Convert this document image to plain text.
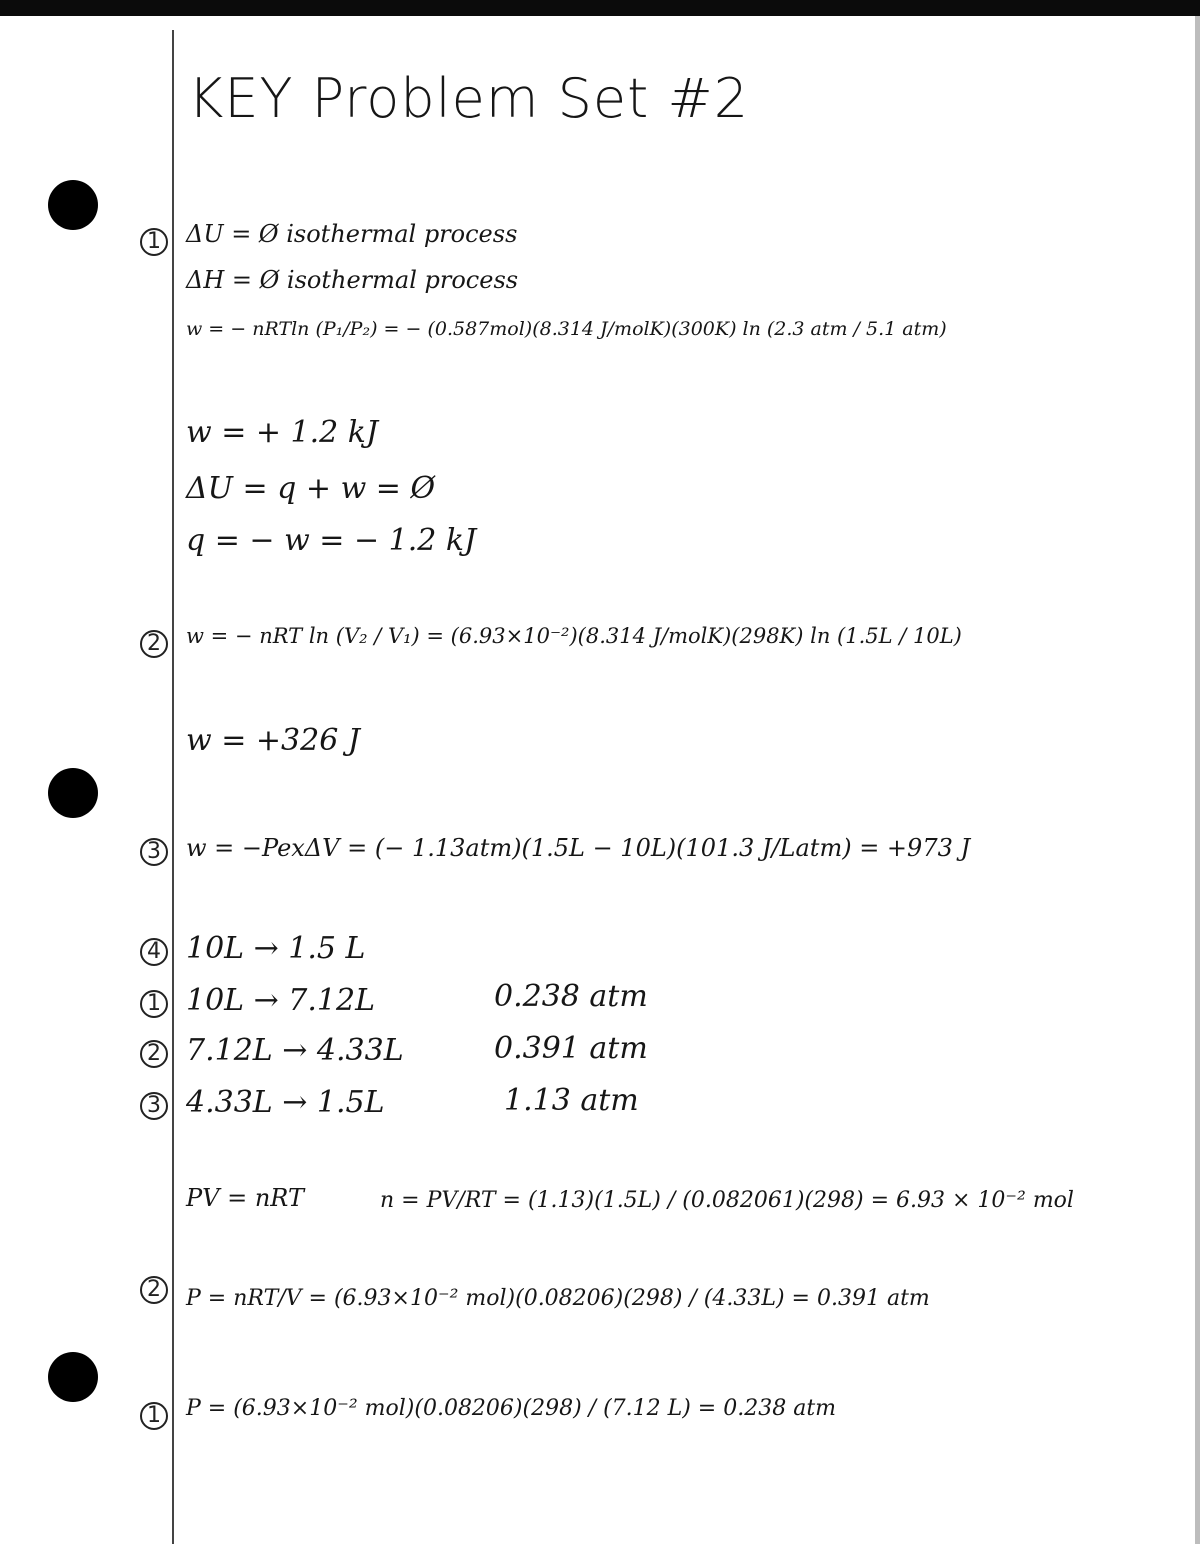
KEY Problem Set #2
1 ΔU = Ø isothermal process
ΔH = Ø isothermal process
w = − nRTln (P₁/P₂) = − (0.587mol)(8.314 J/molK)(300K) ln (2.3 atm / 5.1 atm)
w = + 1.2 kJ
ΔU = q + w = Ø
q = − w = − 1.2 kJ
2	w = − nRT ln (V₂ / V₁) = (6.93×10⁻²)(8.314 J/molK)(298K) ln (1.5L / 10L)
w = +326 J
3 w = −PexΔV = (− 1.13atm)(1.5L − 10L)(101.3 J/Latm) = +973 J
4 10L → 1.5 L
1 10L → 7.12L	0.238 atm
2 7.12L → 4.33L	0.391 atm
3 4.33L → 1.5L	1.13 atm
PV = nRT	n = PV/RT = (1.13)(1.5L) / (0.082061)(298) = 6.93 × 10⁻² mol
2	P = nRT/V = (6.93×10⁻² mol)(0.08206)(298) / (4.33L) = 0.391 atm
1	P = (6.93×10⁻² mol)(0.08206)(298) / (7.12 L) = 0.238 atm
